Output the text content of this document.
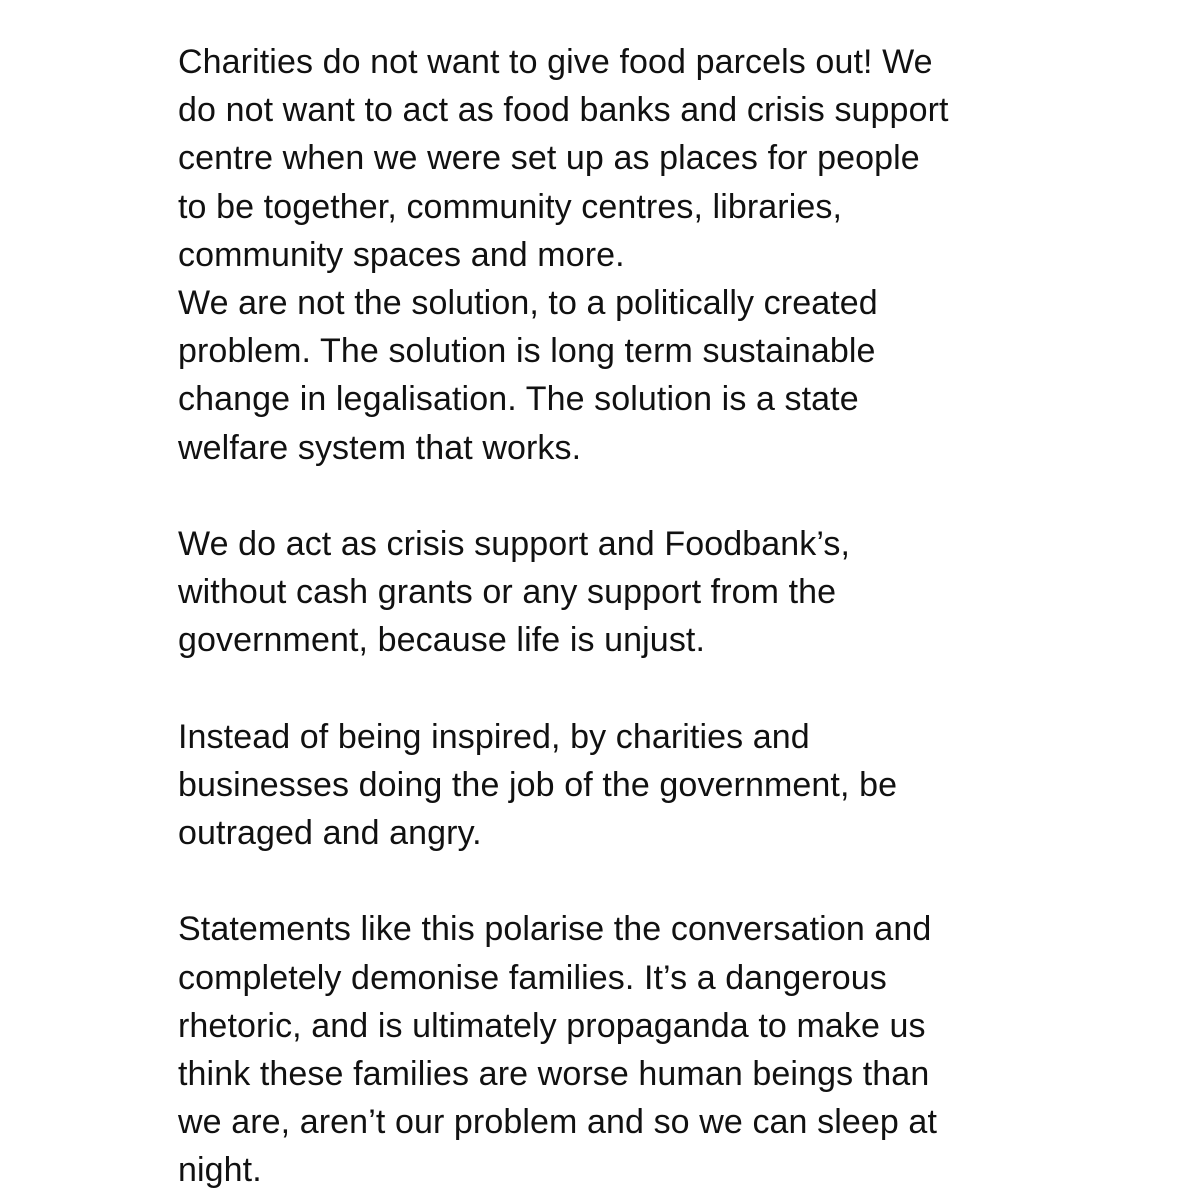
Charities do not want to give food parcels out! We
do not want to act as food banks and crisis support
centre when we were set up as places for people
to be together, community centres, libraries,
community spaces and more.
We are not the solution, to a politically created
problem. The solution is long term sustainable
change in legalisation. The solution is a state
welfare system that works.
We do act as crisis support and Foodbank’s,
without cash grants or any support from the
government, because life is unjust.
Instead of being inspired, by charities and
businesses doing the job of the government, be
outraged and angry.
Statements like this polarise the conversation and
completely demonise families. It’s a dangerous
rhetoric, and is ultimately propaganda to make us
think these families are worse human beings than
we are, aren’t our problem and so we can sleep at
night.
